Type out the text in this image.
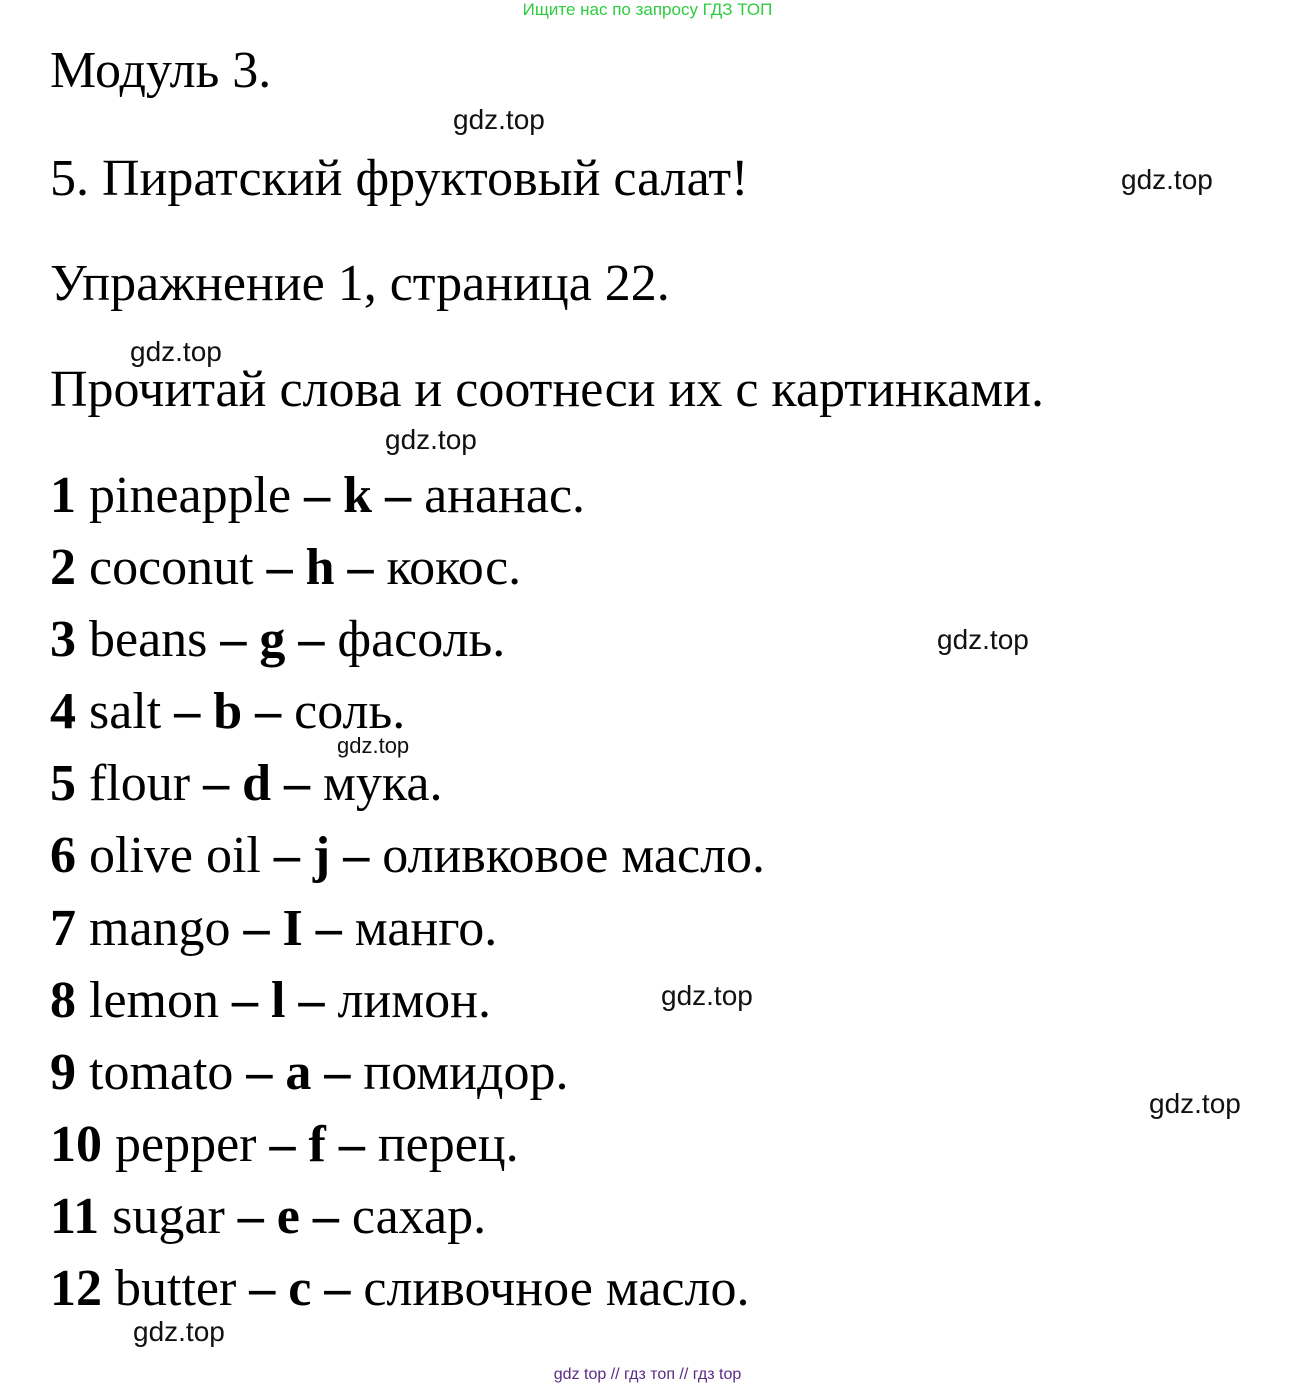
Ищите нас по запросу ГДЗ ТОП
Модуль 3.
5. Пиратский фруктовый салат!
Упражнение 1, страница 22.
Прочитай слова и соотнеси их с картинками.
gdz.top
gdz.top
gdz.top
gdz.top
gdz.top
gdz.top
gdz.top
gdz.top
gdz.top
1 pineapple – k – ананас.
2 coconut – h – кокос.
3 beans – g – фасоль.
4 salt – b – соль.
5 flour – d – мука.
6 olive oil – j – оливковое масло.
7 mango – I – манго.
8 lemon – l – лимон.
9 tomato – a – помидор.
10 pepper – f – перец.
11 sugar – e – сахар.
12 butter – c – сливочное масло.
gdz top // гдз топ // гдз top
